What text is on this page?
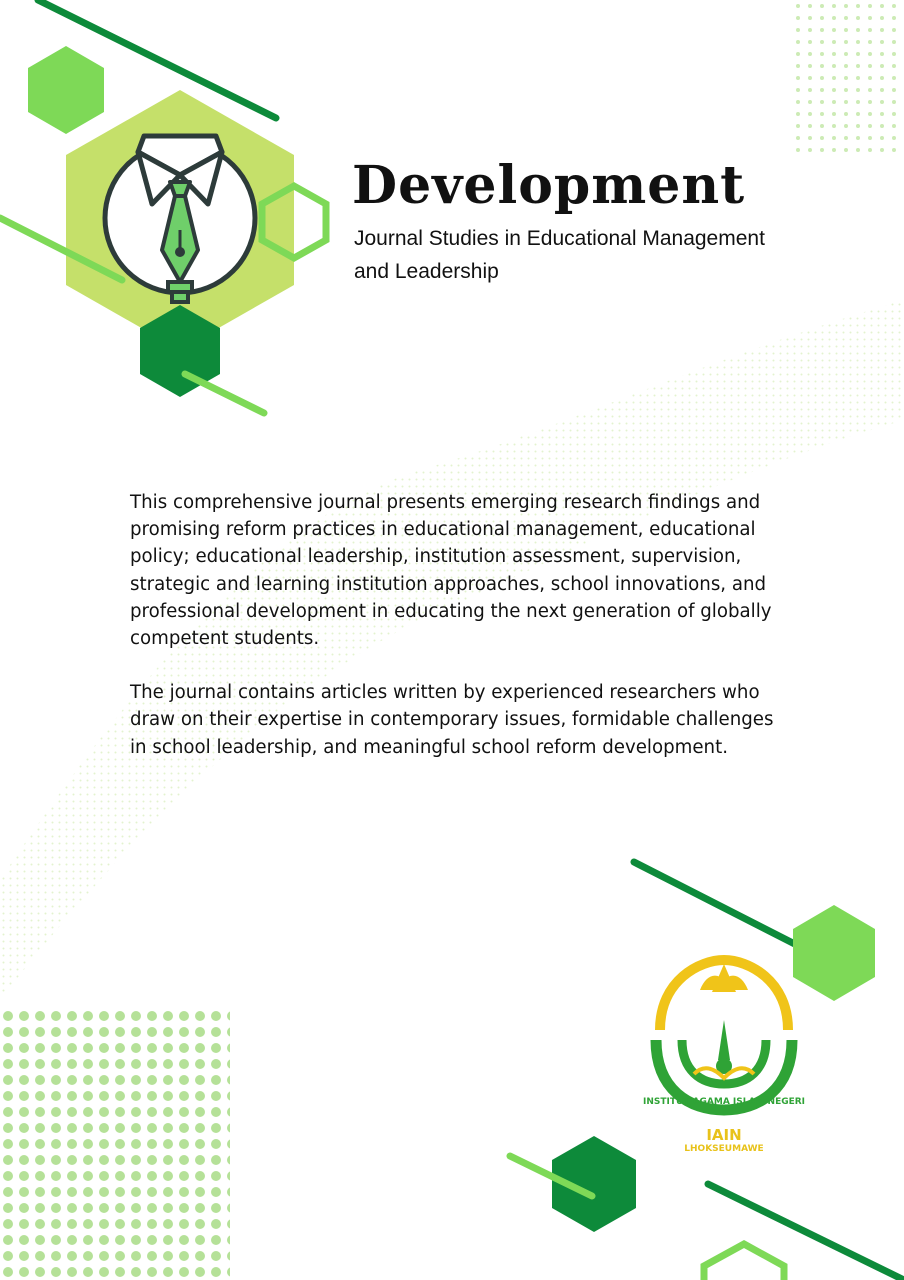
INSTITUT AGAMA ISLAM NEGERI
Development

Journal Studies in Educational Management and Leadership

This comprehensive journal presents emerging research findings and promising reform practices in educational management, educational policy; educational leadership, institution assessment, supervision, strategic and learning institution approaches, school innovations, and professional development in educating the next generation of globally competent students.

The journal contains articles written by experienced researchers who draw on their expertise in contemporary issues, formidable challenges in school leadership, and meaningful school reform development.

IAIN

LHOKSEUMAWE
